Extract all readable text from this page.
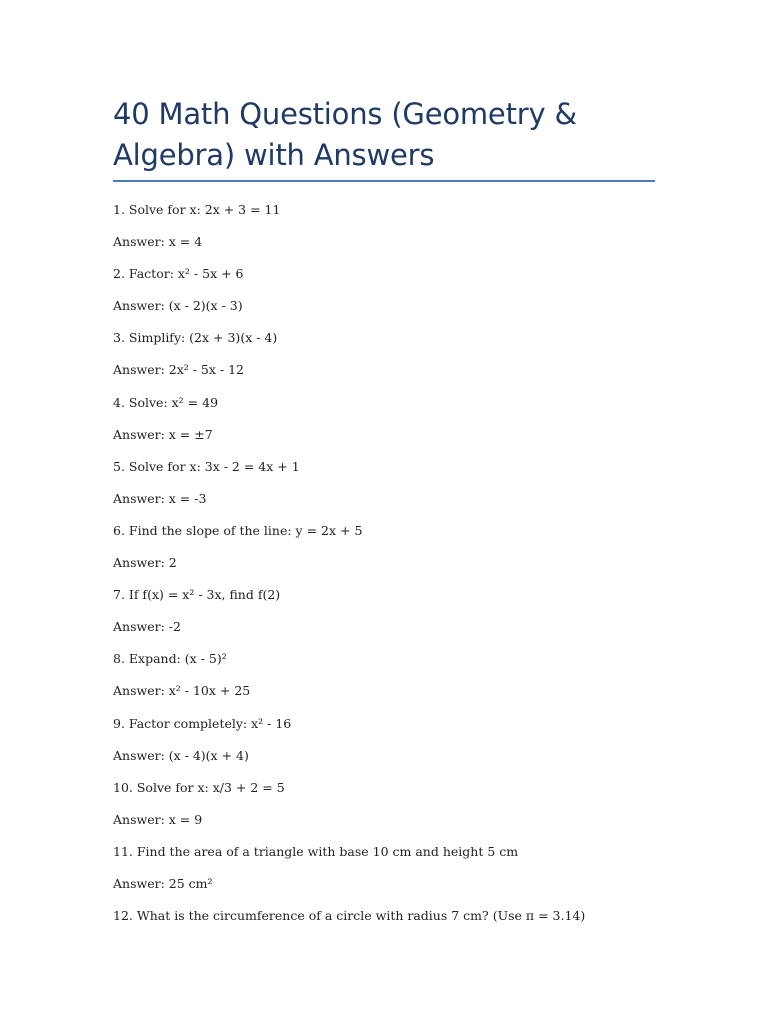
40 Math Questions (Geometry & Algebra) with Answers
1. Solve for x: 2x + 3 = 11
Answer: x = 4
2. Factor: x² - 5x + 6
Answer: (x - 2)(x - 3)
3. Simplify: (2x + 3)(x - 4)
Answer: 2x² - 5x - 12
4. Solve: x² = 49
Answer: x = ±7
5. Solve for x: 3x - 2 = 4x + 1
Answer: x = -3
6. Find the slope of the line: y = 2x + 5
Answer: 2
7. If f(x) = x² - 3x, find f(2)
Answer: -2
8. Expand: (x - 5)²
Answer: x² - 10x + 25
9. Factor completely: x² - 16
Answer: (x - 4)(x + 4)
10. Solve for x: x/3 + 2 = 5
Answer: x = 9
11. Find the area of a triangle with base 10 cm and height 5 cm
Answer: 25 cm²
12. What is the circumference of a circle with radius 7 cm? (Use π = 3.14)
